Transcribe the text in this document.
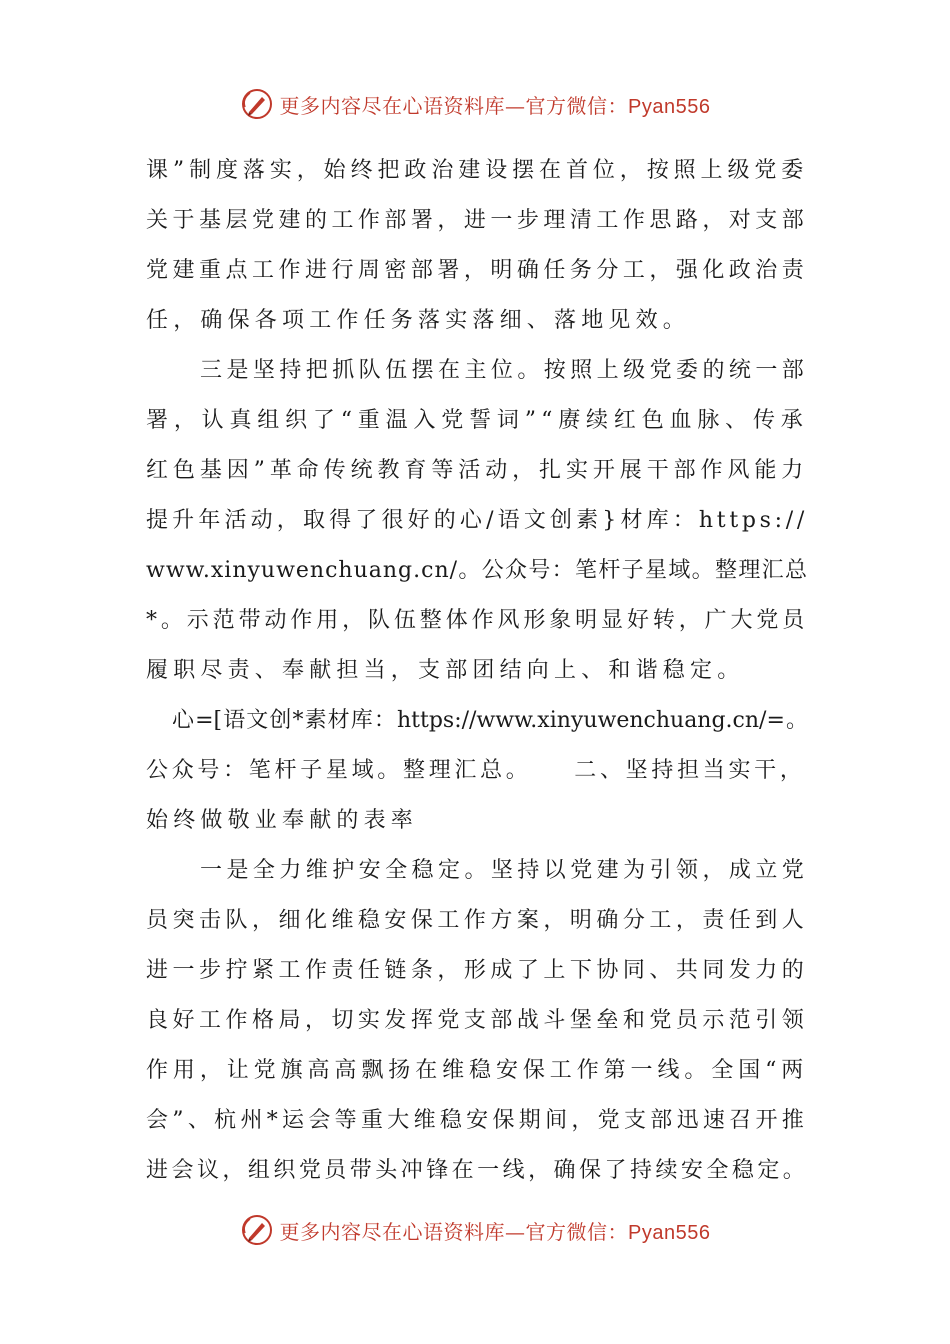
更多内容尽在心语资料库—官方微信：Pyan556
课”制度落实，始终把政治建设摆在首位，按照上级党委
关于基层党建的工作部署，进一步理清工作思路，对支部
党建重点工作进行周密部署，明确任务分工，强化政治责
任，确保各项工作任务落实落细、落地见效。
三是坚持把抓队伍摆在主位。按照上级党委的统一部
署，认真组织了“重温入党誓词”“赓续红色血脉、传承
红色基因”革命传统教育等活动，扎实开展干部作风能力
提升年活动，取得了很好的心/语文创素}材库：https://
www.xinyuwenchuang.cn/。公众号：笔杆子星域。整理汇总
*。示范带动作用，队伍整体作风形象明显好转，广大党员
履职尽责、奉献担当，支部团结向上、和谐稳定。
心=[语文创*素材库：https://www.xinyuwenchuang.cn/=。
公众号：笔杆子星域。整理汇总。    二、坚持担当实干，
始终做敬业奉献的表率
一是全力维护安全稳定。坚持以党建为引领，成立党
员突击队，细化维稳安保工作方案，明确分工，责任到人
进一步拧紧工作责任链条，形成了上下协同、共同发力的
良好工作格局，切实发挥党支部战斗堡垒和党员示范引领
作用，让党旗高高飘扬在维稳安保工作第一线。全国“两
会”、杭州*运会等重大维稳安保期间，党支部迅速召开推
进会议，组织党员带头冲锋在一线，确保了持续安全稳定。
更多内容尽在心语资料库—官方微信：Pyan556
